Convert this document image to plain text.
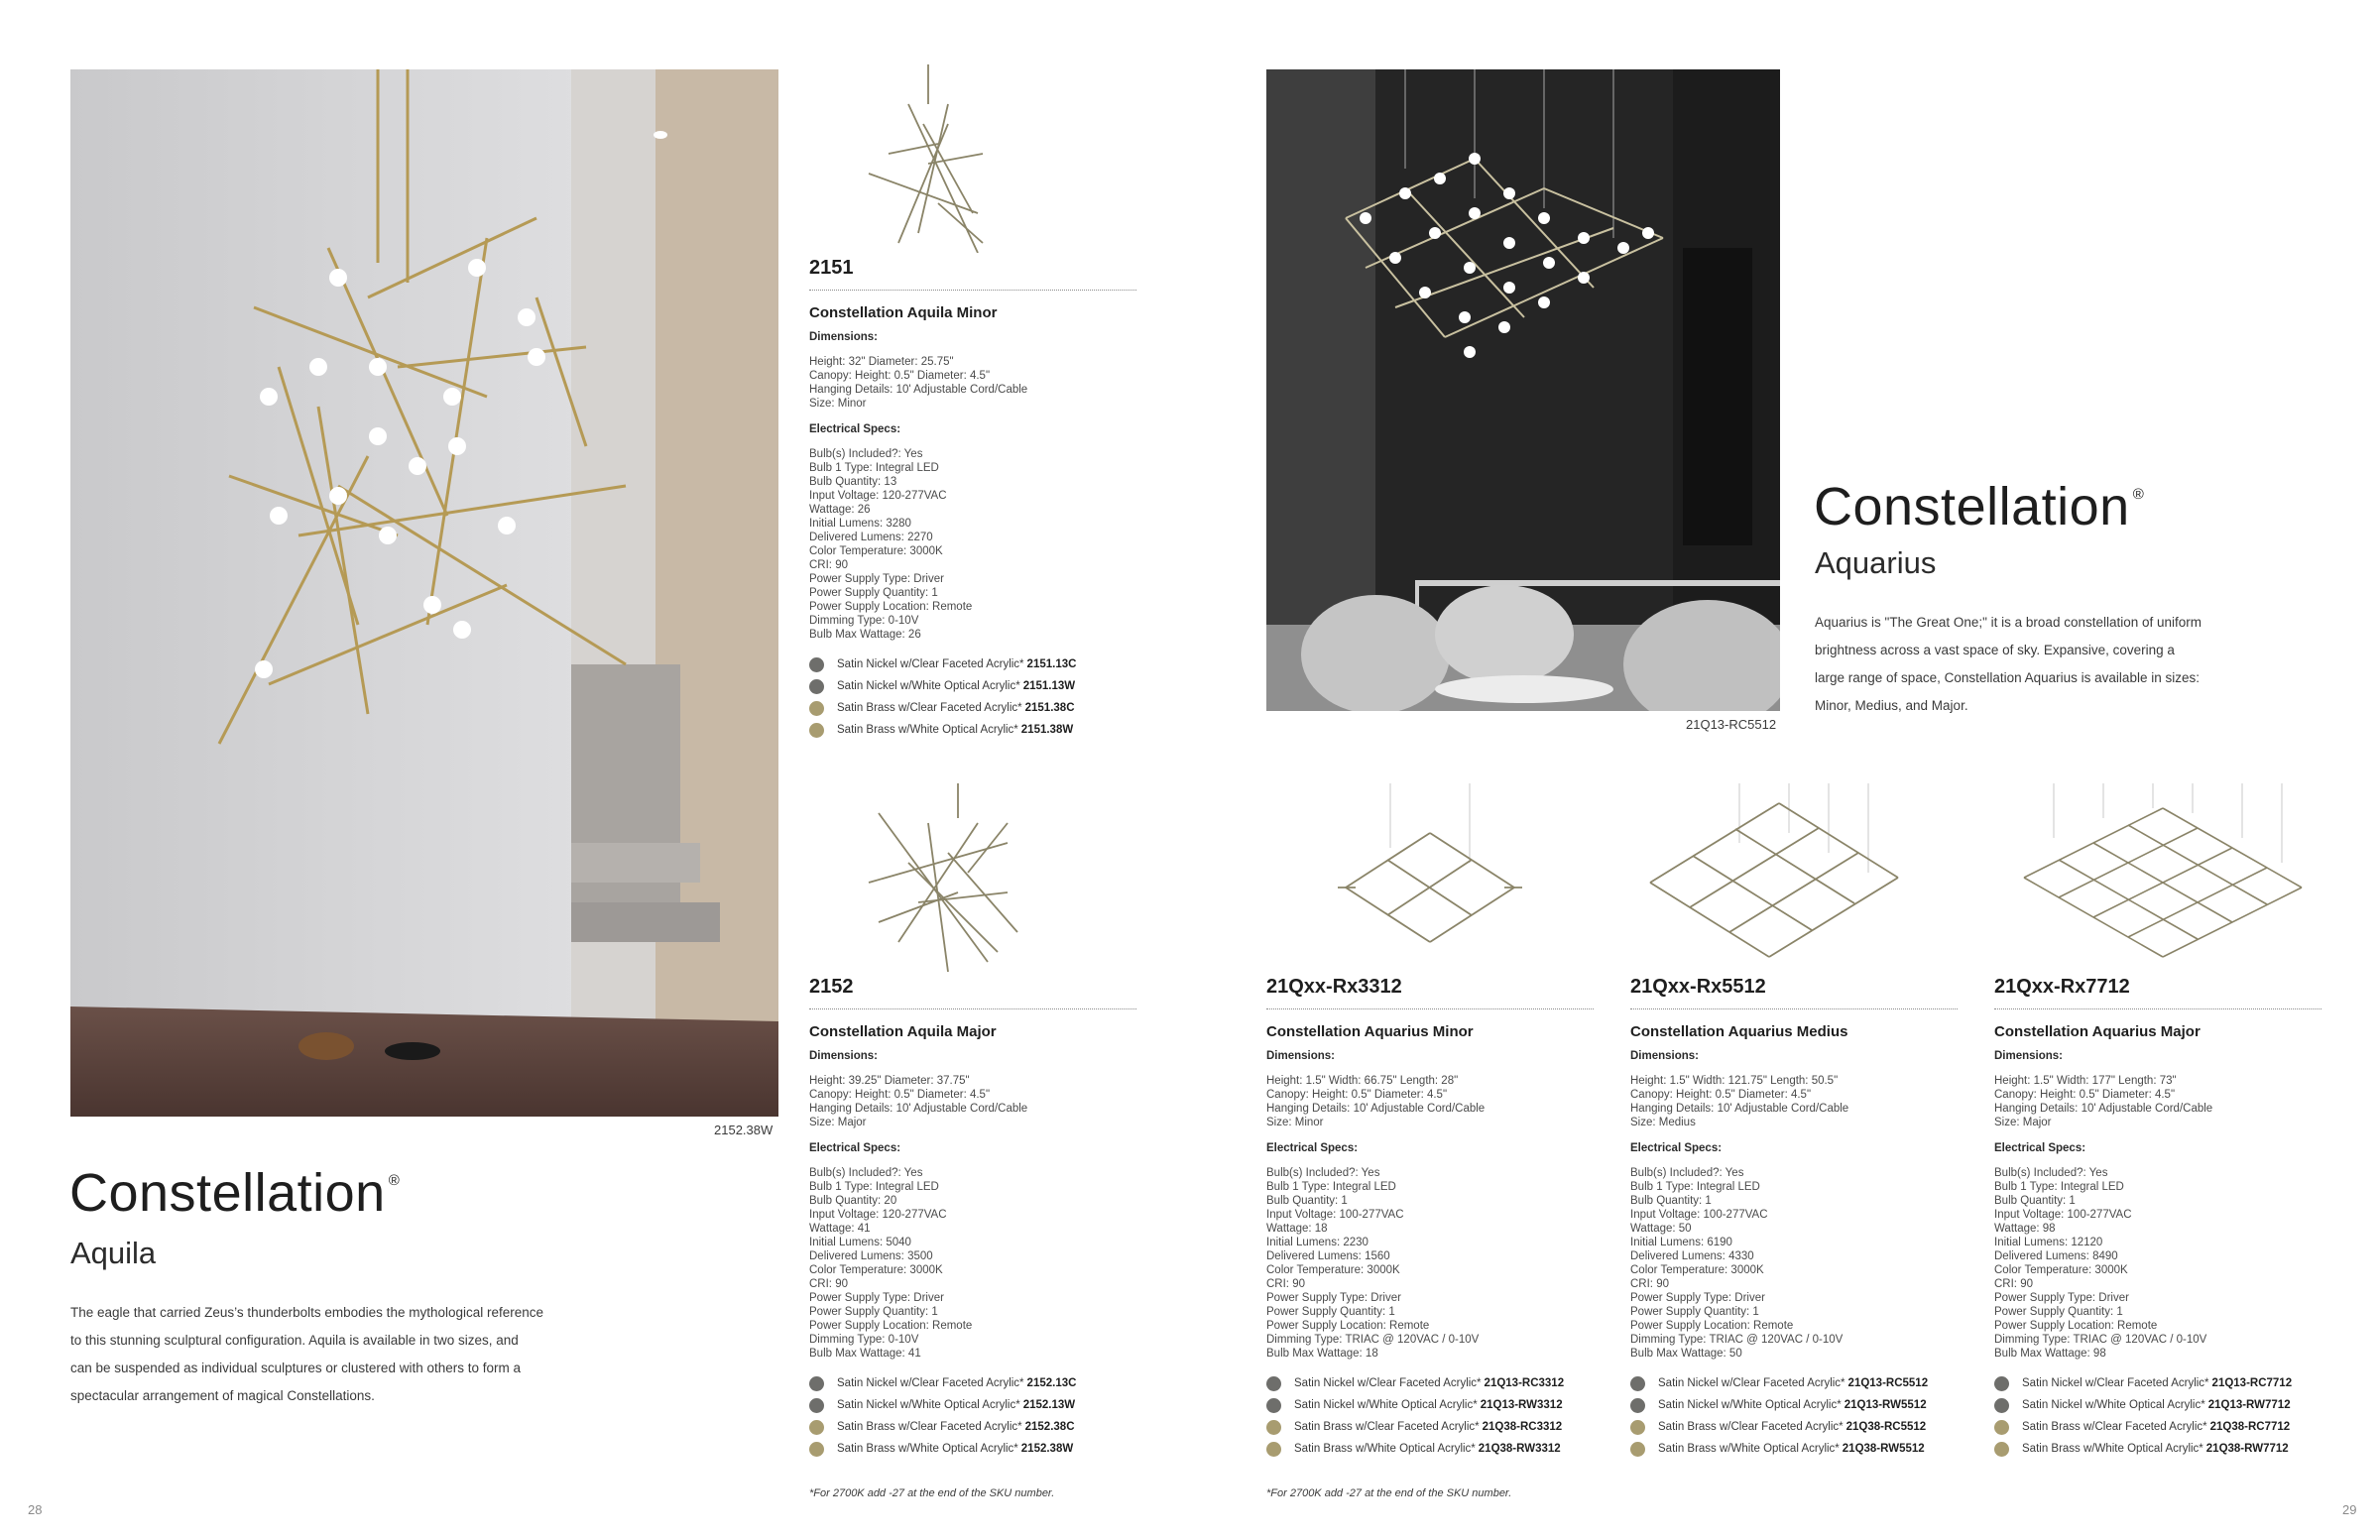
2152.38W
Constellation ®
Aquila
The eagle that carried Zeus’s thunderbolts embodies the mythological reference
to this stunning sculptural configuration. Aquila is available in two sizes, and
can be suspended as individual sculptures or clustered with others to form a
spectacular arrangement of magical Constellations.
2151
Constellation Aquila Minor
Dimensions:
Height: 32" Diameter: 25.75"
Canopy: Height: 0.5" Diameter: 4.5"
Hanging Details: 10' Adjustable Cord/Cable
Size: Minor
Electrical Specs:
Bulb(s) Included?: Yes
Bulb 1 Type: Integral LED
Bulb Quantity: 13
Input Voltage: 120-277VAC
Wattage: 26
Initial Lumens: 3280
Delivered Lumens: 2270
Color Temperature: 3000K
CRI: 90
Power Supply Type: Driver
Power Supply Quantity: 1
Power Supply Location: Remote
Dimming Type: 0-10V
Bulb Max Wattage: 26
Satin Nickel w/Clear Faceted Acrylic* 2151.13C
Satin Nickel w/White Optical Acrylic* 2151.13W
Satin Brass w/Clear Faceted Acrylic* 2151.38C
Satin Brass w/White Optical Acrylic* 2151.38W
2152
Constellation Aquila Major
Dimensions:
Height: 39.25" Diameter: 37.75"
Canopy: Height: 0.5" Diameter: 4.5"
Hanging Details: 10' Adjustable Cord/Cable
Size: Major
Electrical Specs:
Bulb(s) Included?: Yes
Bulb 1 Type: Integral LED
Bulb Quantity: 20
Input Voltage: 120-277VAC
Wattage: 41
Initial Lumens: 5040
Delivered Lumens: 3500
Color Temperature: 3000K
CRI: 90
Power Supply Type: Driver
Power Supply Quantity: 1
Power Supply Location: Remote
Dimming Type: 0-10V
Bulb Max Wattage: 41
Satin Nickel w/Clear Faceted Acrylic* 2152.13C
Satin Nickel w/White Optical Acrylic* 2152.13W
Satin Brass w/Clear Faceted Acrylic* 2152.38C
Satin Brass w/White Optical Acrylic* 2152.38W
*For 2700K add -27 at the end of the SKU number.
28
21Q13-RC5512
Constellation ®
Aquarius
Aquarius is "The Great One;" it is a broad constellation of uniform
brightness across a vast space of sky. Expansive, covering a
large range of space, Constellation Aquarius is available in sizes:
Minor, Medius, and Major.
21Qxx-Rx3312
Constellation Aquarius Minor
Dimensions:
Height: 1.5" Width: 66.75" Length: 28"
Canopy: Height: 0.5" Diameter: 4.5"
Hanging Details: 10' Adjustable Cord/Cable
Size: Minor
Electrical Specs:
Bulb(s) Included?: Yes
Bulb 1 Type: Integral LED
Bulb Quantity: 1
Input Voltage: 100-277VAC
Wattage: 18
Initial Lumens: 2230
Delivered Lumens: 1560
Color Temperature: 3000K
CRI: 90
Power Supply Type: Driver
Power Supply Quantity: 1
Power Supply Location: Remote
Dimming Type: TRIAC @ 120VAC / 0-10V
Bulb Max Wattage: 18
Satin Nickel w/Clear Faceted Acrylic* 21Q13-RC3312
Satin Nickel w/White Optical Acrylic* 21Q13-RW3312
Satin Brass w/Clear Faceted Acrylic* 21Q38-RC3312
Satin Brass w/White Optical Acrylic* 21Q38-RW3312
21Qxx-Rx5512
Constellation Aquarius Medius
Dimensions:
Height: 1.5" Width: 121.75" Length: 50.5"
Canopy: Height: 0.5" Diameter: 4.5"
Hanging Details: 10' Adjustable Cord/Cable
Size: Medius
Electrical Specs:
Bulb(s) Included?: Yes
Bulb 1 Type: Integral LED
Bulb Quantity: 1
Input Voltage: 100-277VAC
Wattage: 50
Initial Lumens: 6190
Delivered Lumens: 4330
Color Temperature: 3000K
CRI: 90
Power Supply Type: Driver
Power Supply Quantity: 1
Power Supply Location: Remote
Dimming Type: TRIAC @ 120VAC / 0-10V
Bulb Max Wattage: 50
Satin Nickel w/Clear Faceted Acrylic* 21Q13-RC5512
Satin Nickel w/White Optical Acrylic* 21Q13-RW5512
Satin Brass w/Clear Faceted Acrylic* 21Q38-RC5512
Satin Brass w/White Optical Acrylic* 21Q38-RW5512
21Qxx-Rx7712
Constellation Aquarius Major
Dimensions:
Height: 1.5" Width: 177" Length: 73"
Canopy: Height: 0.5" Diameter: 4.5"
Hanging Details: 10' Adjustable Cord/Cable
Size: Major
Electrical Specs:
Bulb(s) Included?: Yes
Bulb 1 Type: Integral LED
Bulb Quantity: 1
Input Voltage: 100-277VAC
Wattage: 98
Initial Lumens: 12120
Delivered Lumens: 8490
Color Temperature: 3000K
CRI: 90
Power Supply Type: Driver
Power Supply Quantity: 1
Power Supply Location: Remote
Dimming Type: TRIAC @ 120VAC / 0-10V
Bulb Max Wattage: 98
Satin Nickel w/Clear Faceted Acrylic* 21Q13-RC7712
Satin Nickel w/White Optical Acrylic* 21Q13-RW7712
Satin Brass w/Clear Faceted Acrylic* 21Q38-RC7712
Satin Brass w/White Optical Acrylic* 21Q38-RW7712
*For 2700K add -27 at the end of the SKU number.
29
